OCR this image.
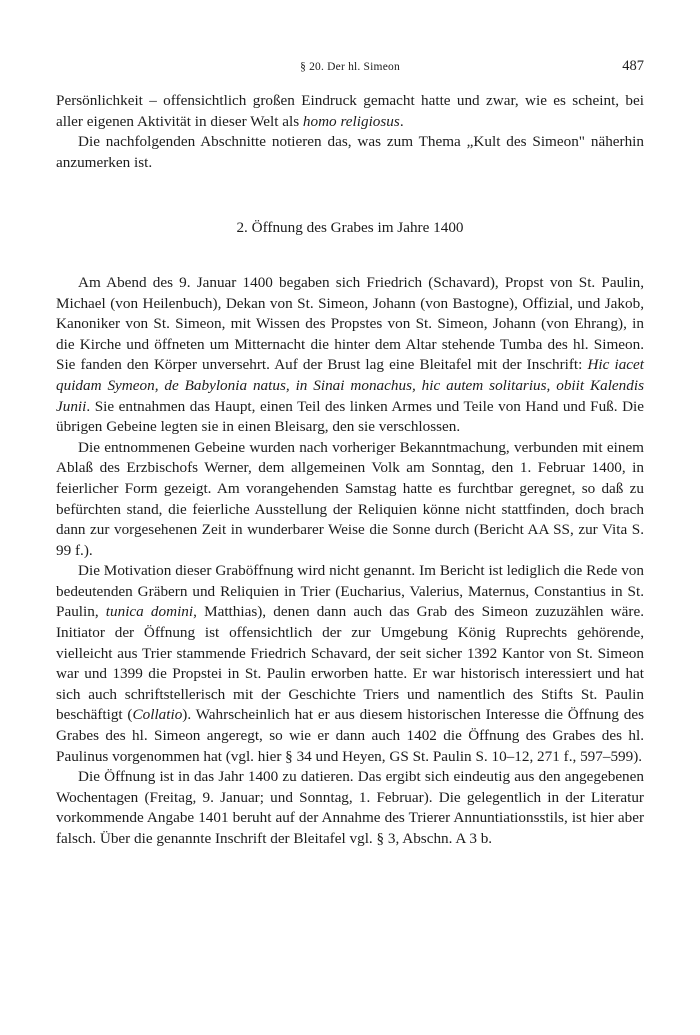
§ 20. Der hl. Simeon	487

Persönlichkeit – offensichtlich großen Eindruck gemacht hatte und zwar, wie es scheint, bei aller eigenen Aktivität in dieser Welt als homo religiosus.

Die nachfolgenden Abschnitte notieren das, was zum Thema „Kult des Simeon" näherhin anzumerken ist.

2. Öffnung des Grabes im Jahre 1400

Am Abend des 9. Januar 1400 begaben sich Friedrich (Schavard), Propst von St. Paulin, Michael (von Heilenbuch), Dekan von St. Simeon, Johann (von Bastogne), Offizial, und Jakob, Kanoniker von St. Simeon, mit Wissen des Propstes von St. Simeon, Johann (von Ehrang), in die Kirche und öffneten um Mitternacht die hinter dem Altar stehende Tumba des hl. Simeon. Sie fanden den Körper unversehrt. Auf der Brust lag eine Bleitafel mit der Inschrift: Hic iacet quidam Symeon, de Babylonia natus, in Sinai monachus, hic autem solitarius, obiit Kalendis Junii. Sie entnahmen das Haupt, einen Teil des linken Armes und Teile von Hand und Fuß. Die übrigen Gebeine legten sie in einen Bleisarg, den sie verschlossen.

Die entnommenen Gebeine wurden nach vorheriger Bekanntmachung, verbunden mit einem Ablaß des Erzbischofs Werner, dem allgemeinen Volk am Sonntag, den 1. Februar 1400, in feierlicher Form gezeigt. Am vorangehenden Samstag hatte es furchtbar geregnet, so daß zu befürchten stand, die feierliche Ausstellung der Reliquien könne nicht stattfinden, doch brach dann zur vorgesehenen Zeit in wunderbarer Weise die Sonne durch (Bericht AA SS, zur Vita S. 99 f.).

Die Motivation dieser Graböffnung wird nicht genannt. Im Bericht ist lediglich die Rede von bedeutenden Gräbern und Reliquien in Trier (Eucharius, Valerius, Maternus, Constantius in St. Paulin, tunica domini, Matthias), denen dann auch das Grab des Simeon zuzuzählen wäre. Initiator der Öffnung ist offensichtlich der zur Umgebung König Ruprechts gehörende, vielleicht aus Trier stammende Friedrich Schavard, der seit sicher 1392 Kantor von St. Simeon war und 1399 die Propstei in St. Paulin erworben hatte. Er war historisch interessiert und hat sich auch schriftstellerisch mit der Geschichte Triers und namentlich des Stifts St. Paulin beschäftigt (Collatio). Wahrscheinlich hat er aus diesem historischen Interesse die Öffnung des Grabes des hl. Simeon angeregt, so wie er dann auch 1402 die Öffnung des Grabes des hl. Paulinus vorgenommen hat (vgl. hier § 34 und Heyen, GS St. Paulin S. 10–12, 271 f., 597–599).

Die Öffnung ist in das Jahr 1400 zu datieren. Das ergibt sich eindeutig aus den angegebenen Wochentagen (Freitag, 9. Januar; und Sonntag, 1. Februar). Die gelegentlich in der Literatur vorkommende Angabe 1401 beruht auf der Annahme des Trierer Annuntiationsstils, ist hier aber falsch. Über die genannte Inschrift der Bleitafel vgl. § 3, Abschn. A 3 b.
